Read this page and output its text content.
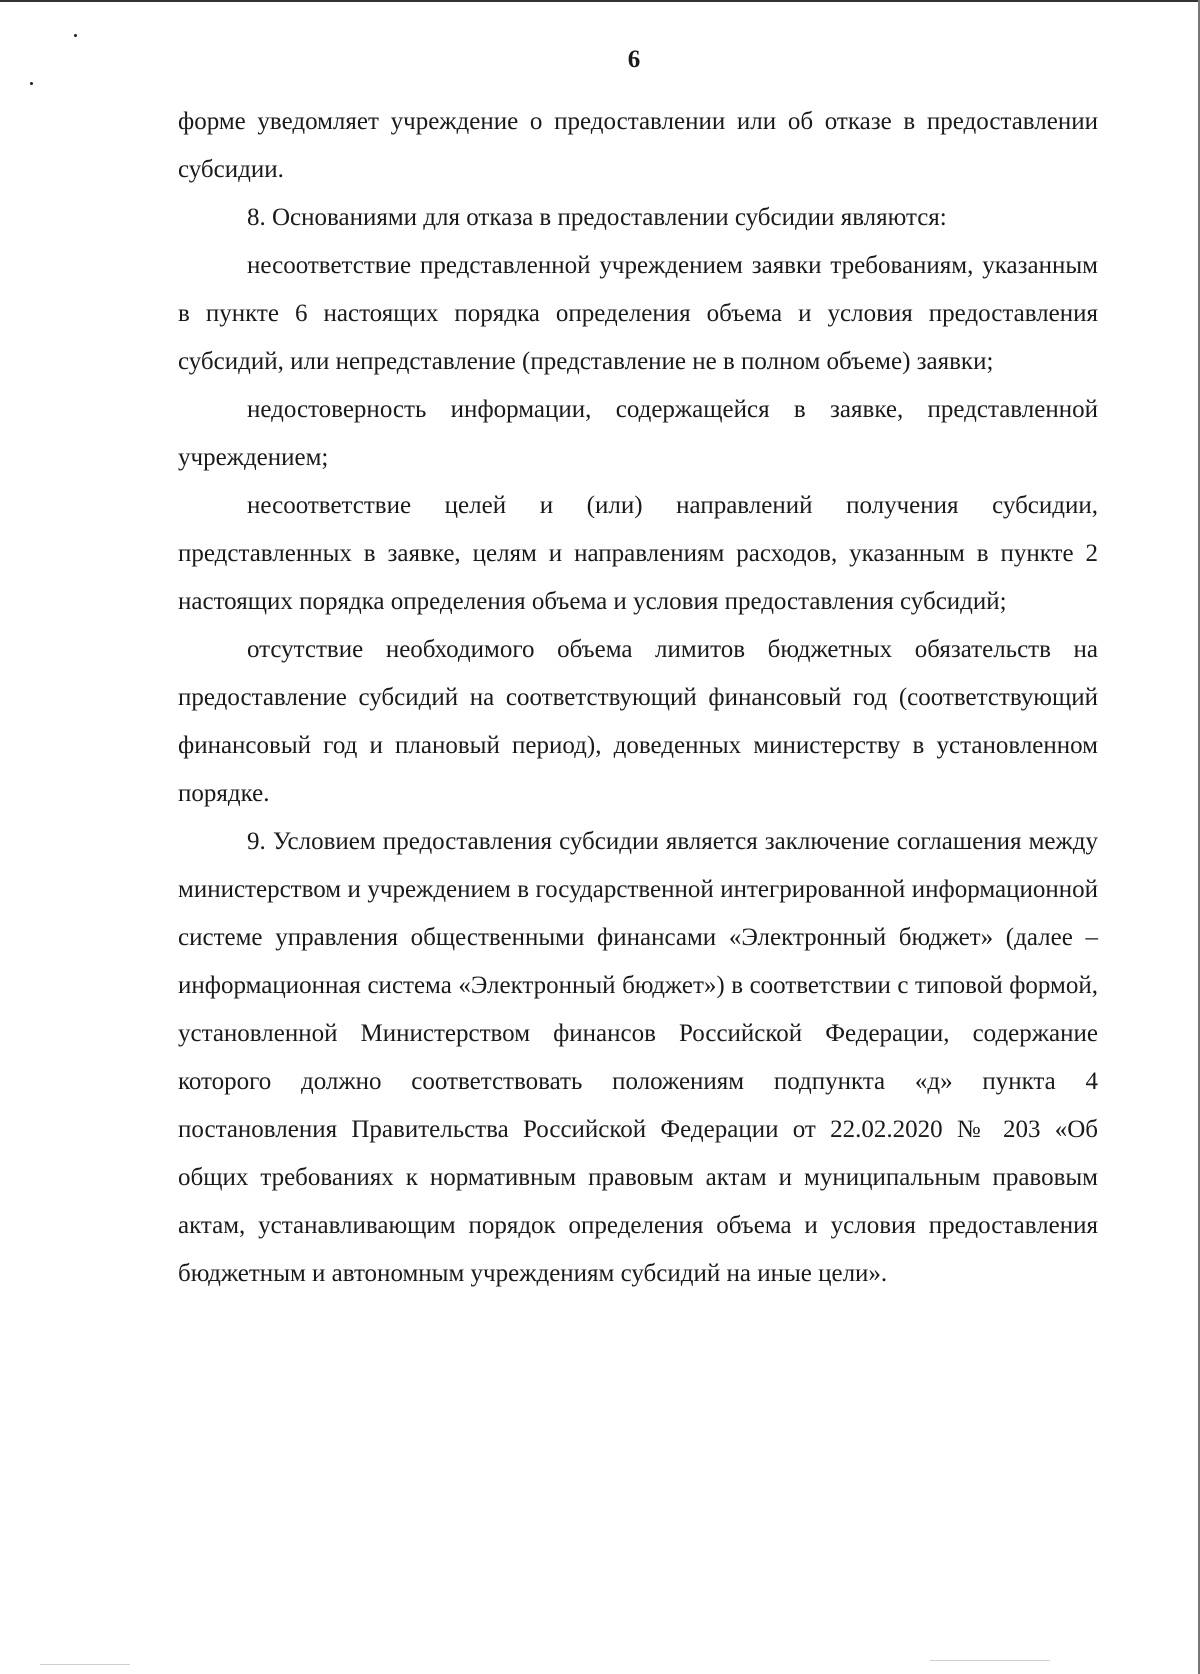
6

форме уведомляет учреждение о предоставлении или об отказе в предоставлении субсидии.

8. Основаниями для отказа в предоставлении субсидии являются:

несоответствие представленной учреждением заявки требованиям, указанным в пункте 6 настоящих порядка определения объема и условия предоставления субсидий, или непредставление (представление не в полном объеме) заявки;

недостоверность информации, содержащейся в заявке, представленной учреждением;

несоответствие целей и (или) направлений получения субсидии, представленных в заявке, целям и направлениям расходов, указанным в пункте 2 настоящих порядка определения объема и условия предоставления субсидий;

отсутствие необходимого объема лимитов бюджетных обязательств на предоставление субсидий на соответствующий финансовый год (соответствующий финансовый год и плановый период), доведенных министерству в установленном порядке.

9. Условием предоставления субсидии является заключение соглашения между министерством и учреждением в государственной интегрированной информационной системе управления общественными финансами «Электронный бюджет» (далее – информационная система «Электронный бюджет») в соответствии с типовой формой, установленной Министерством финансов Российской Федерации, содержание которого должно соответствовать положениям подпункта «д» пункта 4 постановления Правительства Российской Федерации от 22.02.2020 № 203 «Об общих требованиях к нормативным правовым актам и муниципальным правовым актам, устанавливающим порядок определения объема и условия предоставления бюджетным и автономным учреждениям субсидий на иные цели».
